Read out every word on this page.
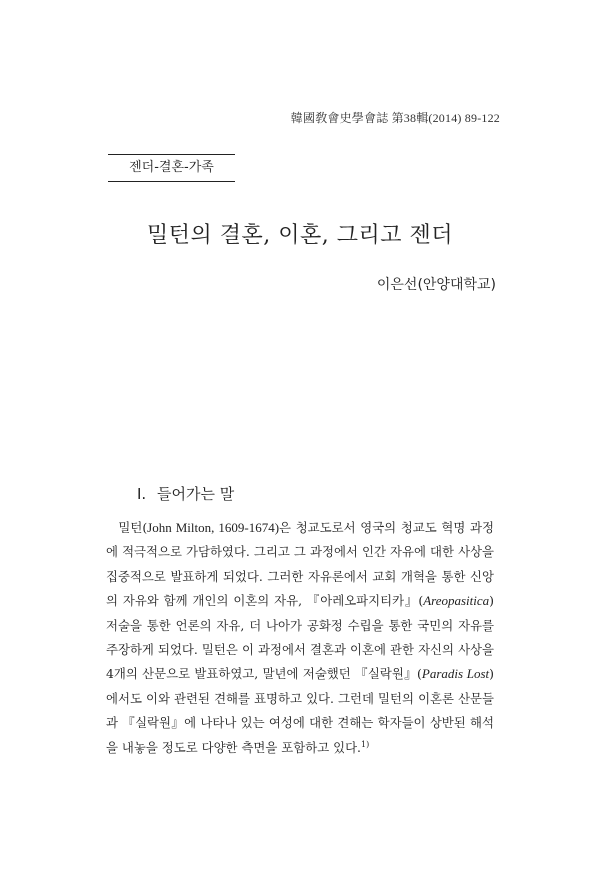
韓國敎會史學會誌 第38輯(2014) 89-122
젠더-결혼-가족
밀턴의 결혼, 이혼, 그리고 젠더
이은선(안양대학교)
Ⅰ. 들어가는 말

밀턴(John Milton, 1609-1674)은 청교도로서 영국의 청교도 혁명 과정에 적극적으로 가담하였다. 그리고 그 과정에서 인간 자유에 대한 사상을 집중적으로 발표하게 되었다. 그러한 자유론에서 교회 개혁을 통한 신앙의 자유와 함께 개인의 이혼의 자유, 『아레오파지티카』(Areopasitica) 저술을 통한 언론의 자유, 더 나아가 공화정 수립을 통한 국민의 자유를 주장하게 되었다. 밀턴은 이 과정에서 결혼과 이혼에 관한 자신의 사상을 4개의 산문으로 발표하였고, 말년에 저술했던 『실락원』(Paradis Lost)에서도 이와 관련된 견해를 표명하고 있다. 그런데 밀턴의 이혼론 산문들과 『실락원』에 나타나 있는 여성에 대한 견해는 학자들이 상반된 해석을 내놓을 정도로 다양한 측면을 포함하고 있다.$^{1)}$
